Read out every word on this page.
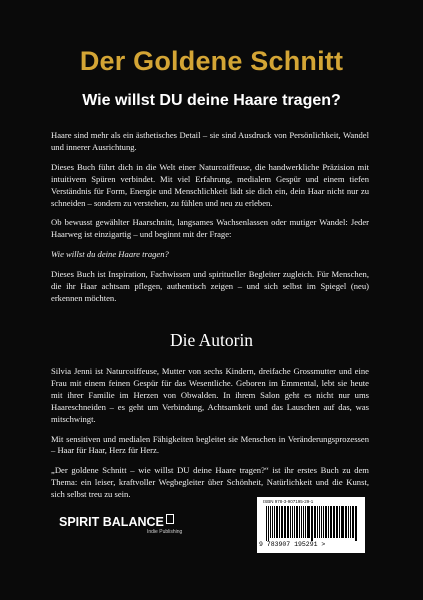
Der Goldene Schnitt
Wie willst DU deine Haare tragen?

Haare sind mehr als ein ästhetisches Detail – sie sind Ausdruck von Persönlichkeit, Wandel und innerer Ausrichtung.

Dieses Buch führt dich in die Welt einer Naturcoiffeuse, die handwerkliche Präzision mit intuitivem Spüren verbindet. Mit viel Erfahrung, medialem Gespür und einem tiefen Verständnis für Form, Energie und Menschlichkeit lädt sie dich ein, dein Haar nicht nur zu schneiden – sondern zu verstehen, zu fühlen und neu zu erleben.

Ob bewusst gewählter Haarschnitt, langsames Wachsenlassen oder mutiger Wandel: Jeder Haarweg ist einzigartig – und beginnt mit der Frage:

Wie willst du deine Haare tragen?

Dieses Buch ist Inspiration, Fachwissen und spiritueller Begleiter zugleich. Für Menschen, die ihr Haar achtsam pflegen, authentisch zeigen – und sich selbst im Spiegel (neu) erkennen möchten.

Die Autorin

Silvia Jenni ist Naturcoiffeuse, Mutter von sechs Kindern, dreifache Grossmutter und eine Frau mit einem feinen Gespür für das Wesentliche. Geboren im Emmental, lebt sie heute mit ihrer Familie im Herzen von Obwalden. In ihrem Salon geht es nicht nur ums Haareschneiden – es geht um Verbindung, Achtsamkeit und das Lauschen auf das, was mitschwingt.

Mit sensitiven und medialen Fähigkeiten begleitet sie Menschen in Veränderungsprozessen – Haar für Haar, Herz für Herz.

„Der goldene Schnitt – wie willst DU deine Haare tragen?“ ist ihr erstes Buch zu dem Thema: ein leiser, kraftvoller Wegbegleiter über Schönheit, Natürlichkeit und die Kunst, sich selbst treu zu sein.

SPIRIT BALANCE
Indie Publishing
ISBN 978-3-907195-29-1
9 783907 195291 >
